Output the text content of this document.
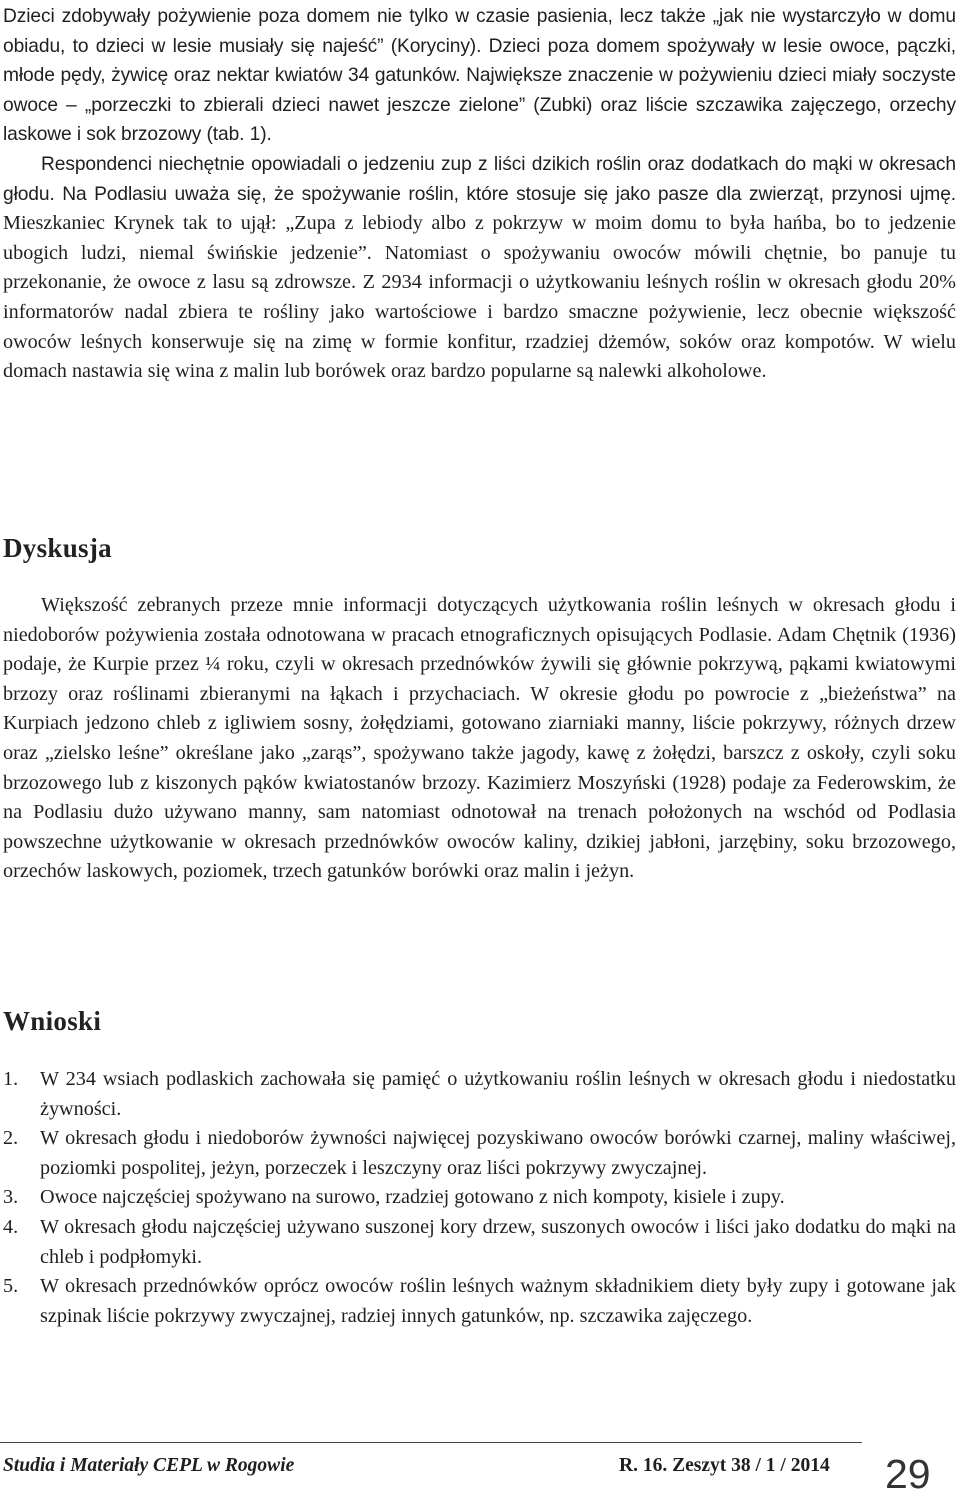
Dzieci zdobywały pożywienie poza domem nie tylko w czasie pasienia, lecz także „jak nie wystarczyło w domu obiadu, to dzieci w lesie musiały się najeść” (Koryciny). Dzieci poza domem spożywały w lesie owoce, pączki, młode pędy, żywicę oraz nektar kwiatów 34 gatunków. Największe znaczenie w pożywieniu dzieci miały soczyste owoce – „porzeczki to zbierali dzieci nawet jeszcze zielone” (Zubki) oraz liście szczawika zajęczego, orzechy laskowe i sok brzozowy (tab. 1).

Respondenci niechętnie opowiadali o jedzeniu zup z liści dzikich roślin oraz dodatkach do mąki w okresach głodu. Na Podlasiu uważa się, że spożywanie roślin, które stosuje się jako pasze dla zwierząt, przynosi ujmę. Mieszkaniec Krynek tak to ujął: „Zupa z lebiody albo z pokrzyw w moim domu to była hańba, bo to jedzenie ubogich ludzi, niemal świńskie jedzenie”. Natomiast o spożywaniu owoców mówili chętnie, bo panuje tu przekonanie, że owoce z lasu są zdrowsze. Z 2934 informacji o użytkowaniu leśnych roślin w okresach głodu 20% informatorów nadal zbiera te rośliny jako wartościowe i bardzo smaczne pożywienie, lecz obecnie większość owoców leśnych konserwuje się na zimę w formie konfitur, rzadziej dżemów, soków oraz kompotów. W wielu domach nastawia się wina z malin lub borówek oraz bardzo popularne są nalewki alkoholowe.

Dyskusja

Większość zebranych przeze mnie informacji dotyczących użytkowania roślin leśnych w okresach głodu i niedoborów pożywienia została odnotowana w pracach etnograficznych opisujących Podlasie. Adam Chętnik (1936) podaje, że Kurpie przez ¼ roku, czyli w okresach przednówków żywili się głównie pokrzywą, pąkami kwiatowymi brzozy oraz roślinami zbieranymi na łąkach i przychaciach. W okresie głodu po powrocie z „bieżeństwa” na Kurpiach jedzono chleb z igliwiem sosny, żołędziami, gotowano ziarniaki manny, liście pokrzywy, różnych drzew oraz „zielsko leśne” określane jako „zarąs”, spożywano także jagody, kawę z żołędzi, barszcz z oskoły, czyli soku brzozowego lub z kiszonych pąków kwiatostanów brzozy. Kazimierz Moszyński (1928) podaje za Federowskim, że na Podlasiu dużo używano manny, sam natomiast odnotował na trenach położonych na wschód od Podlasia powszechne użytkowanie w okresach przednówków owoców kaliny, dzikiej jabłoni, jarzębiny, soku brzozowego, orzechów laskowych, poziomek, trzech gatunków borówki oraz malin i jeżyn.

Wnioski
1. W 234 wsiach podlaskich zachowała się pamięć o użytkowaniu roślin leśnych w okresach głodu i niedostatku żywności.
2. W okresach głodu i niedoborów żywności najwięcej pozyskiwano owoców borówki czarnej, maliny właściwej, poziomki pospolitej, jeżyn, porzeczek i leszczyny oraz liści pokrzywy zwyczajnej.
3. Owoce najczęściej spożywano na surowo, rzadziej gotowano z nich kompoty, kisiele i zupy.
4. W okresach głodu najczęściej używano suszonej kory drzew, suszonych owoców i liści jako dodatku do mąki na chleb i podpłomyki.
5. W okresach przednówków oprócz owoców roślin leśnych ważnym składnikiem diety były zupy i gotowane jak szpinak liście pokrzywy zwyczajnej, radziej innych gatunków, np. szczawika zajęczego.
Studia i Materiały CEPL w Rogowie	R. 16. Zeszyt 38 / 1 / 2014 29
